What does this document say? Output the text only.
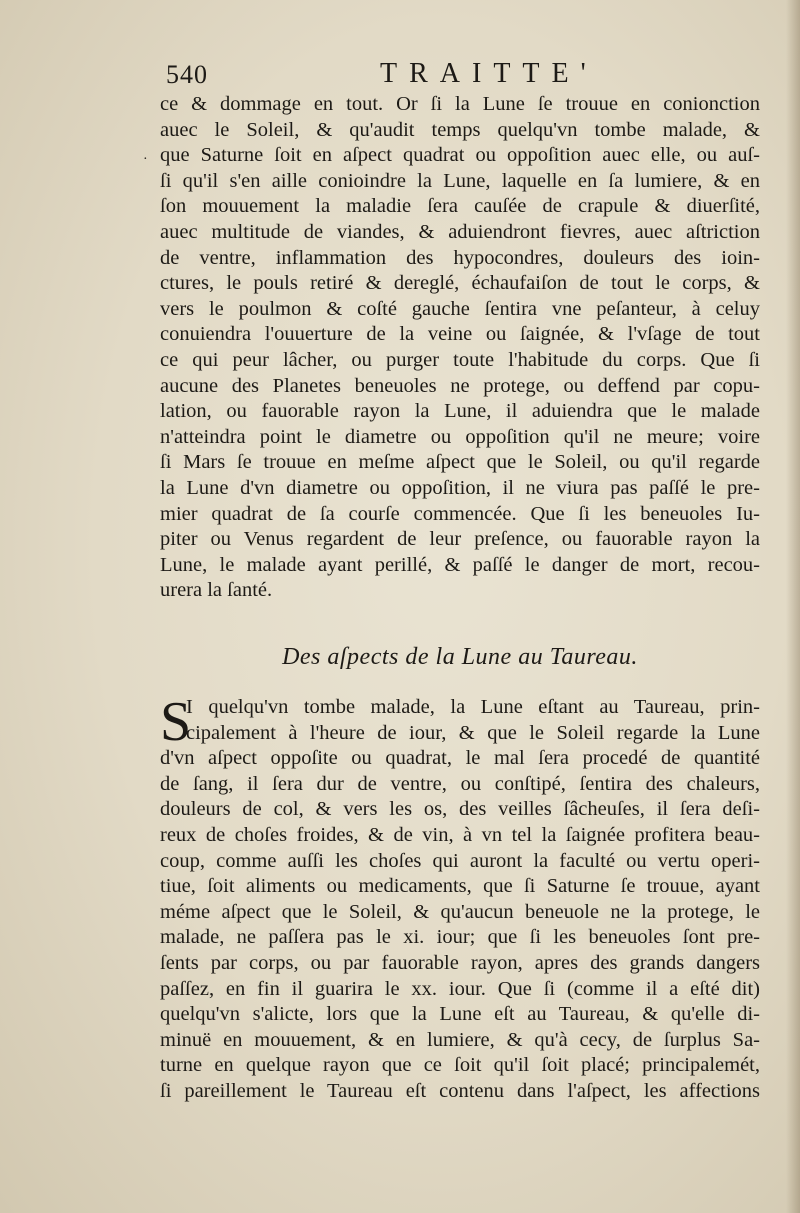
540	TRAITTE'
·
ce & dommage en tout. Or ſi la Lune ſe trouue en conionction
auec le Soleil, & qu'audit temps quelqu'vn tombe malade, &
que Saturne ſoit en aſpect quadrat ou oppoſition auec elle, ou auſ-
ſi qu'il s'en aille conioindre la Lune, laquelle en ſa lumiere, & en
ſon mouuement la maladie ſera cauſée de crapule & diuerſité,
auec multitude de viandes, & aduiendront fievres, auec aſtriction
de ventre, inflammation des hypocondres, douleurs des ioin-
ctures, le pouls retiré & dereglé, échaufaiſon de tout le corps, &
vers le poulmon & coſté gauche ſentira vne peſanteur, à celuy
conuiendra l'ouuerture de la veine ou ſaignée, & l'vſage de tout
ce qui peur lâcher, ou purger toute l'habitude du corps. Que ſi
aucune des Planetes beneuoles ne protege, ou deffend par copu-
lation, ou fauorable rayon la Lune, il aduiendra que le malade
n'atteindra point le diametre ou oppoſition qu'il ne meure; voire
ſi Mars ſe trouue en meſme aſpect que le Soleil, ou qu'il regarde
la Lune d'vn diametre ou oppoſition, il ne viura pas paſſé le pre-
mier quadrat de ſa courſe commencée. Que ſi les beneuoles Iu-
piter ou Venus regardent de leur preſence, ou fauorable rayon la
Lune, le malade ayant perillé, & paſſé le danger de mort, recou-
urera la ſanté.
Des aſpects de la Lune au Taureau.
S
I quelqu'vn tombe malade, la Lune eſtant au Taureau, prin-
cipalement à l'heure de iour, & que le Soleil regarde la Lune
d'vn aſpect oppoſite ou quadrat, le mal ſera procedé de quantité
de ſang, il ſera dur de ventre, ou conſtipé, ſentira des chaleurs,
douleurs de col, & vers les os, des veilles ſâcheuſes, il ſera deſi-
reux de choſes froides, & de vin, à vn tel la ſaignée profitera beau-
coup, comme auſſi les choſes qui auront la faculté ou vertu operi-
tiue, ſoit aliments ou medicaments, que ſi Saturne ſe trouue, ayant
méme aſpect que le Soleil, & qu'aucun beneuole ne la protege, le
malade, ne paſſera pas le xi. iour; que ſi les beneuoles ſont pre-
ſents par corps, ou par fauorable rayon, apres des grands dangers
paſſez, en fin il guarira le xx. iour. Que ſi (comme il a eſté dit)
quelqu'vn s'alicte, lors que la Lune eſt au Taureau, & qu'elle di-
minuë en mouuement, & en lumiere, & qu'à cecy, de ſurplus Sa-
turne en quelque rayon que ce ſoit qu'il ſoit placé; principalemét,
ſi pareillement le Taureau eſt contenu dans l'aſpect, les affections
